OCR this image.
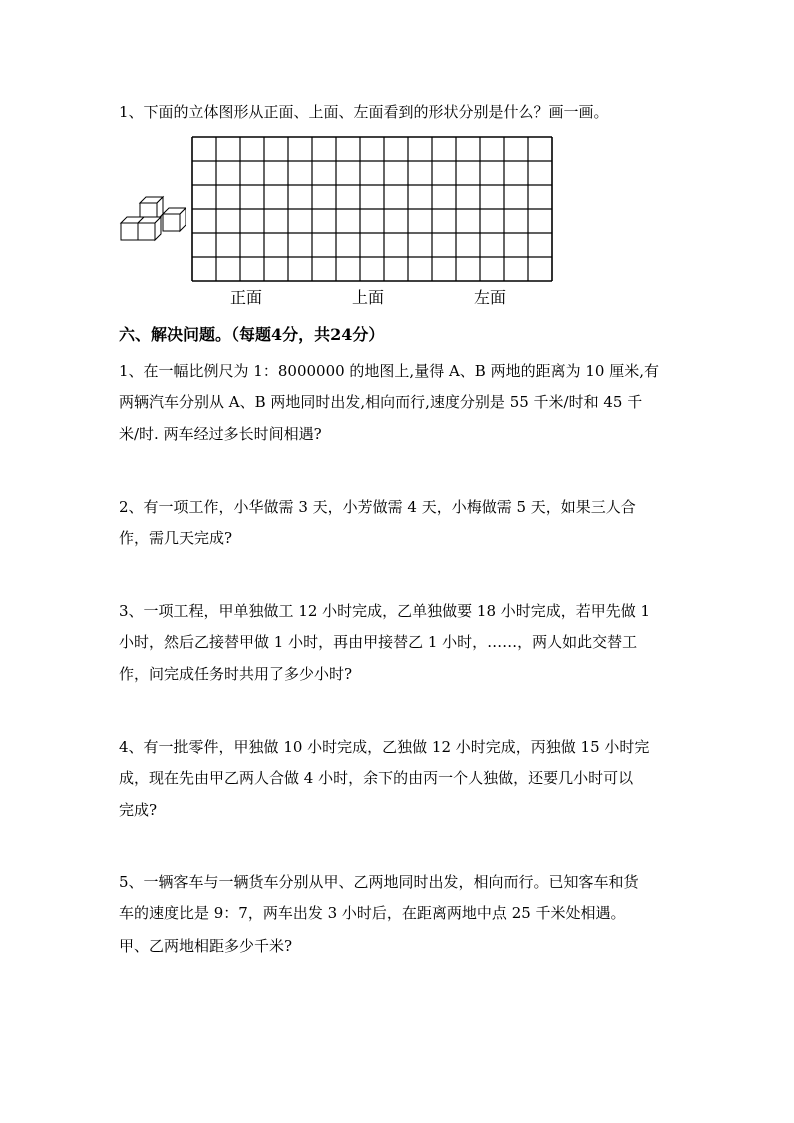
1、下面的立体图形从正面、上面、左面看到的形状分别是什么？画一画。
正面	上面	左面
六、解决问题。（每题4分，共24分）
1、在一幅比例尺为 1：8000000 的地图上,量得 A、B 两地的距离为 10 厘米,有
两辆汽车分别从 A、B 两地同时出发,相向而行,速度分别是 55 千米/时和 45 千
米/时. 两车经过多长时间相遇?
2、有一项工作，小华做需 3 天，小芳做需 4 天，小梅做需 5 天，如果三人合
作，需几天完成?
3、一项工程，甲单独做工 12 小时完成，乙单独做要 18 小时完成，若甲先做 1
小时，然后乙接替甲做 1 小时，再由甲接替乙 1 小时，……，两人如此交替工
作，问完成任务时共用了多少小时?
4、有一批零件，甲独做 10 小时完成，乙独做 12 小时完成，丙独做 15 小时完
成，现在先由甲乙两人合做 4 小时，余下的由丙一个人独做，还要几小时可以
完成?
5、一辆客车与一辆货车分别从甲、乙两地同时出发，相向而行。已知客车和货
车的速度比是 9：7，两车出发 3 小时后，在距离两地中点 25 千米处相遇。
甲、乙两地相距多少千米?
